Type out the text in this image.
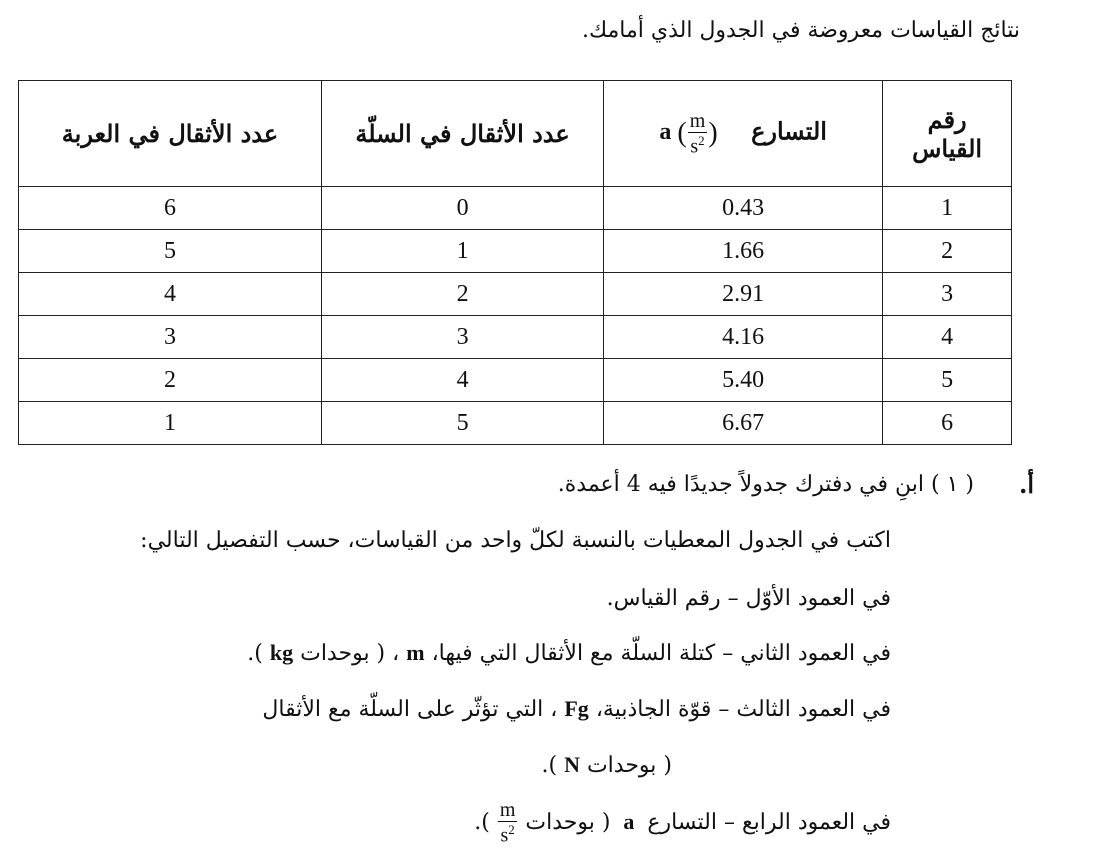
نتائج القياسات معروضة في الجدول الذي أمامك.
رقم
القياس	التسارع    a ( $\frac{m}{s^2}$ )	عدد الأثقال في السلّة	عدد الأثقال في العربة
1	0.43	0	6
2	1.66	1	5
3	2.91	2	4
4	4.16	3	3
5	5.40	4	2
6	6.67	5	1
أ.
( ١ ) ابنِ في دفترك جدولاً جديدًا فيه 4 أعمدة.
اكتب في الجدول المعطيات بالنسبة لكلّ واحد من القياسات، حسب التفصيل التالي:
في العمود الأوّل – رقم القياس.
في العمود الثاني – كتلة السلّة مع الأثقال التي فيها، m ، ( بوحدات kg ).
في العمود الثالث – قوّة الجاذبية، Fg ، التي تؤثّر على السلّة مع الأثقال
( بوحدات N ).
في العمود الرابع – التسارع a ( بوحدات
$\frac{m}{s^2}$
).
